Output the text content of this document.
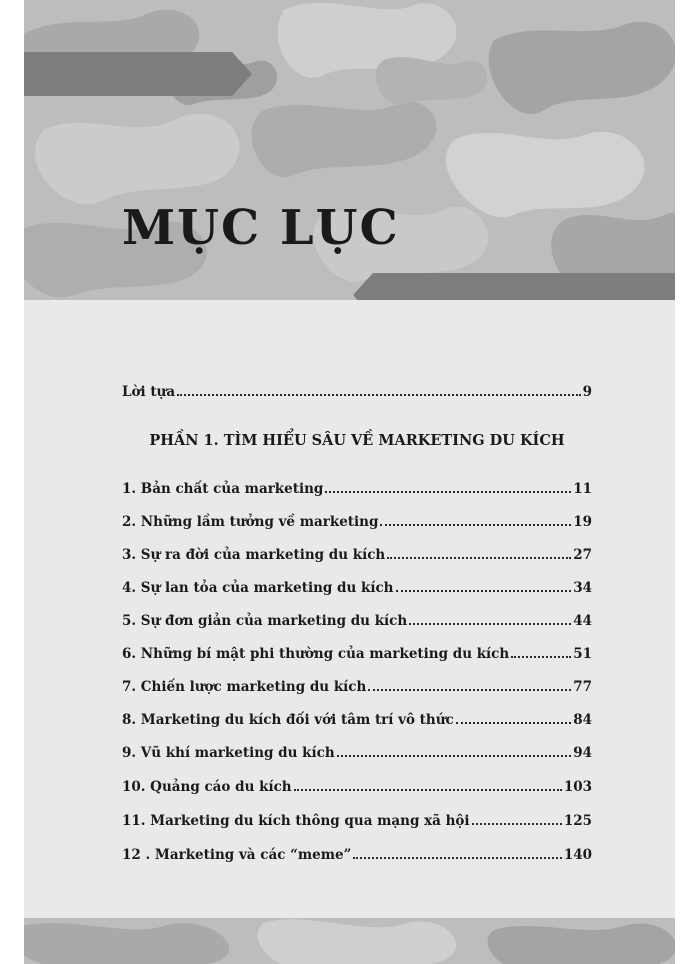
MỤC LỤC
Lời tựa	9
PHẦN 1. TÌM HIỂU SÂU VỀ MARKETING DU KÍCH
1. Bản chất của marketing	11
2. Những lầm tưởng về marketing	19
3. Sự ra đời của marketing du kích	27
4. Sự lan tỏa của marketing du kích	34
5. Sự đơn giản của marketing du kích	44
6. Những bí mật phi thường của marketing du kích	51
7. Chiến lược marketing du kích	77
8. Marketing du kích đối với tâm trí vô thức	84
9. Vũ khí marketing du kích	94
10. Quảng cáo du kích	103
11. Marketing du kích thông qua mạng xã hội	125
12 . Marketing và các “meme”	140
